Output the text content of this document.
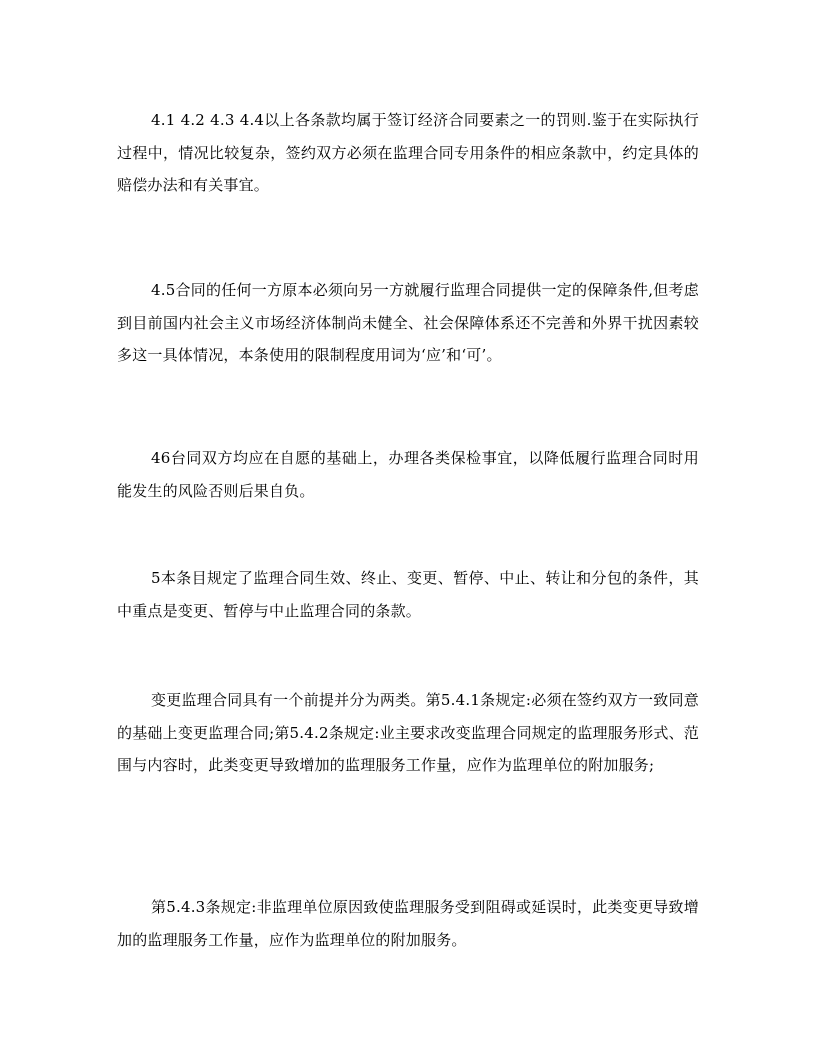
4.1 4.2 4.3 4.4以上各条款均属于签订经济合同要素之一的罚则.鉴于在实际执行过程中，情况比较复杂，签约双方必须在监理合同专用条件的相应条款中，约定具体的赔偿办法和有关事宜。

4.5合同的任何一方原本必须向另一方就履行监理合同提供一定的保障条件,但考虑到目前国内社会主义市场经济体制尚未健全、社会保障体系还不完善和外界干扰因素较多这一具体情况，本条使用的限制程度用词为‘应’和‘可’。

46台同双方均应在自愿的基础上，办理各类保检事宜，以降低履行监理合同时用能发生的风险否则后果自负。

5本条目规定了监理合同生效、终止、变更、暂停、中止、转让和分包的条件，其中重点是变更、暂停与中止监理合同的条款。

变更监理合同具有一个前提并分为两类。第5.4.1条规定:必须在签约双方一致同意的基础上变更监理合同;第5.4.2条规定:业主要求改变监理合同规定的监理服务形式、范围与内容时，此类变更导致增加的监理服务工作量，应作为监理单位的附加服务;

第5.4.3条规定:非监理单位原因致使监理服务受到阻碍或延误时，此类变更导致增加的监理服务工作量，应作为监理单位的附加服务。
